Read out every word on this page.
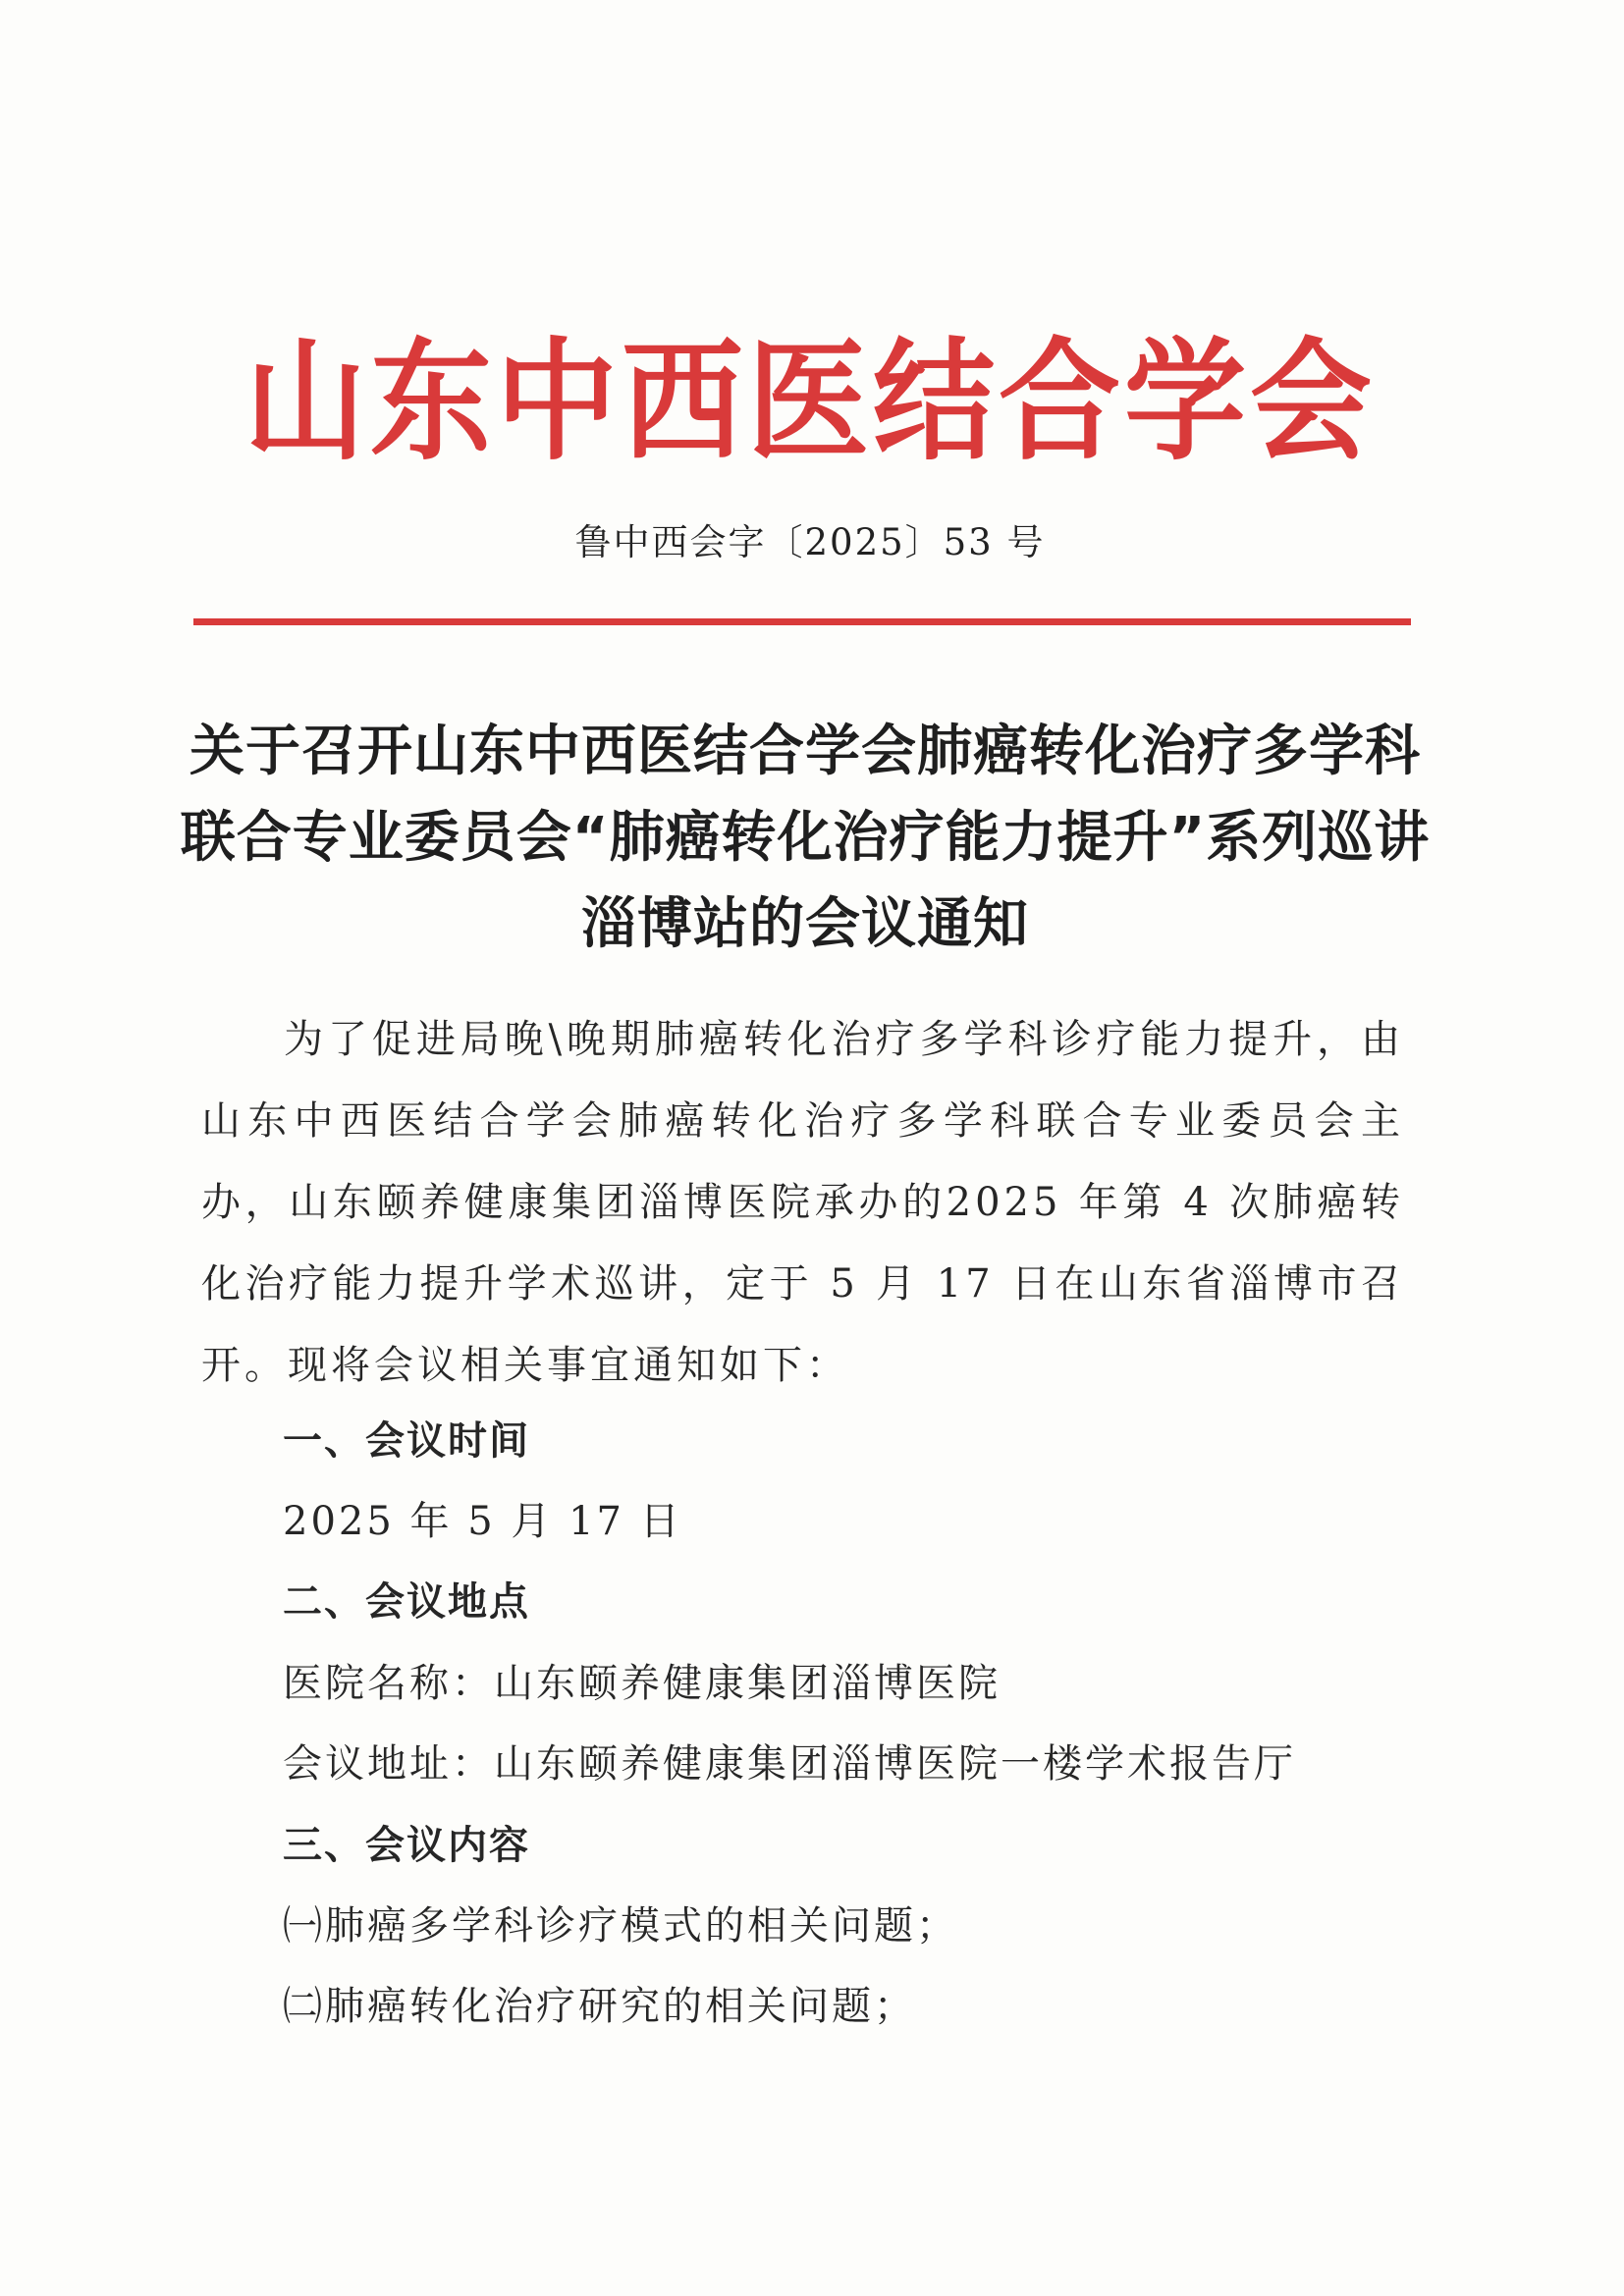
山东中西医结合学会
鲁中西会字〔2025〕53 号
关于召开山东中西医结合学会肺癌转化治疗多学科联合专业委员会“肺癌转化治疗能力提升”系列巡讲淄博站的会议通知
为了促进局晚\晚期肺癌转化治疗多学科诊疗能力提升，由山东中西医结合学会肺癌转化治疗多学科联合专业委员会主办，山东颐养健康集团淄博医院承办的2025 年第 4 次肺癌转化治疗能力提升学术巡讲，定于 5 月 17 日在山东省淄博市召开。现将会议相关事宜通知如下：
一、会议时间
2025 年 5 月 17 日
二、会议地点
医院名称：山东颐养健康集团淄博医院
会议地址：山东颐养健康集团淄博医院一楼学术报告厅
三、会议内容
㈠肺癌多学科诊疗模式的相关问题；
㈡肺癌转化治疗研究的相关问题；
